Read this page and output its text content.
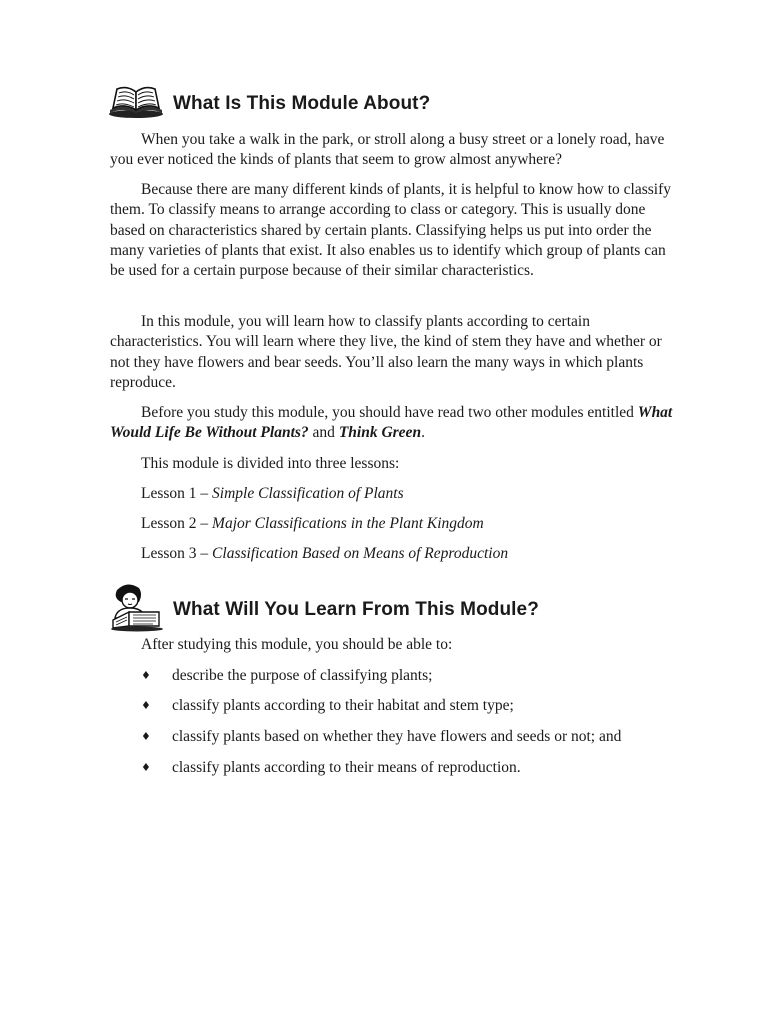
What Is This Module About?

When you take a walk in the park, or stroll along a busy street or a lonely road, have you ever noticed the kinds of plants that seem to grow almost anywhere?

Because there are many different kinds of plants, it is helpful to know how to classify them. To classify means to arrange according to class or category. This is usually done based on characteristics shared by certain plants. Classifying helps us put into order the many varieties of plants that exist. It also enables us to identify which group of plants can be used for a certain purpose because of their similar characteristics.

In this module, you will learn how to classify plants according to certain characteristics. You will learn where they live, the kind of stem they have and whether or not they have flowers and bear seeds. You’ll also learn the many ways in which plants reproduce.

Before you study this module, you should have read two other modules entitled What Would Life Be Without Plants? and Think Green.

This module is divided into three lessons:

Lesson 1 – Simple Classification of Plants

Lesson 2 – Major Classifications in the Plant Kingdom

Lesson 3 – Classification Based on Means of Reproduction

What Will You Learn From This Module?

After studying this module, you should be able to:

♦ describe the purpose of classifying plants;
♦ classify plants according to their habitat and stem type;
♦ classify plants based on whether they have flowers and seeds or not; and
♦ classify plants according to their means of reproduction.
